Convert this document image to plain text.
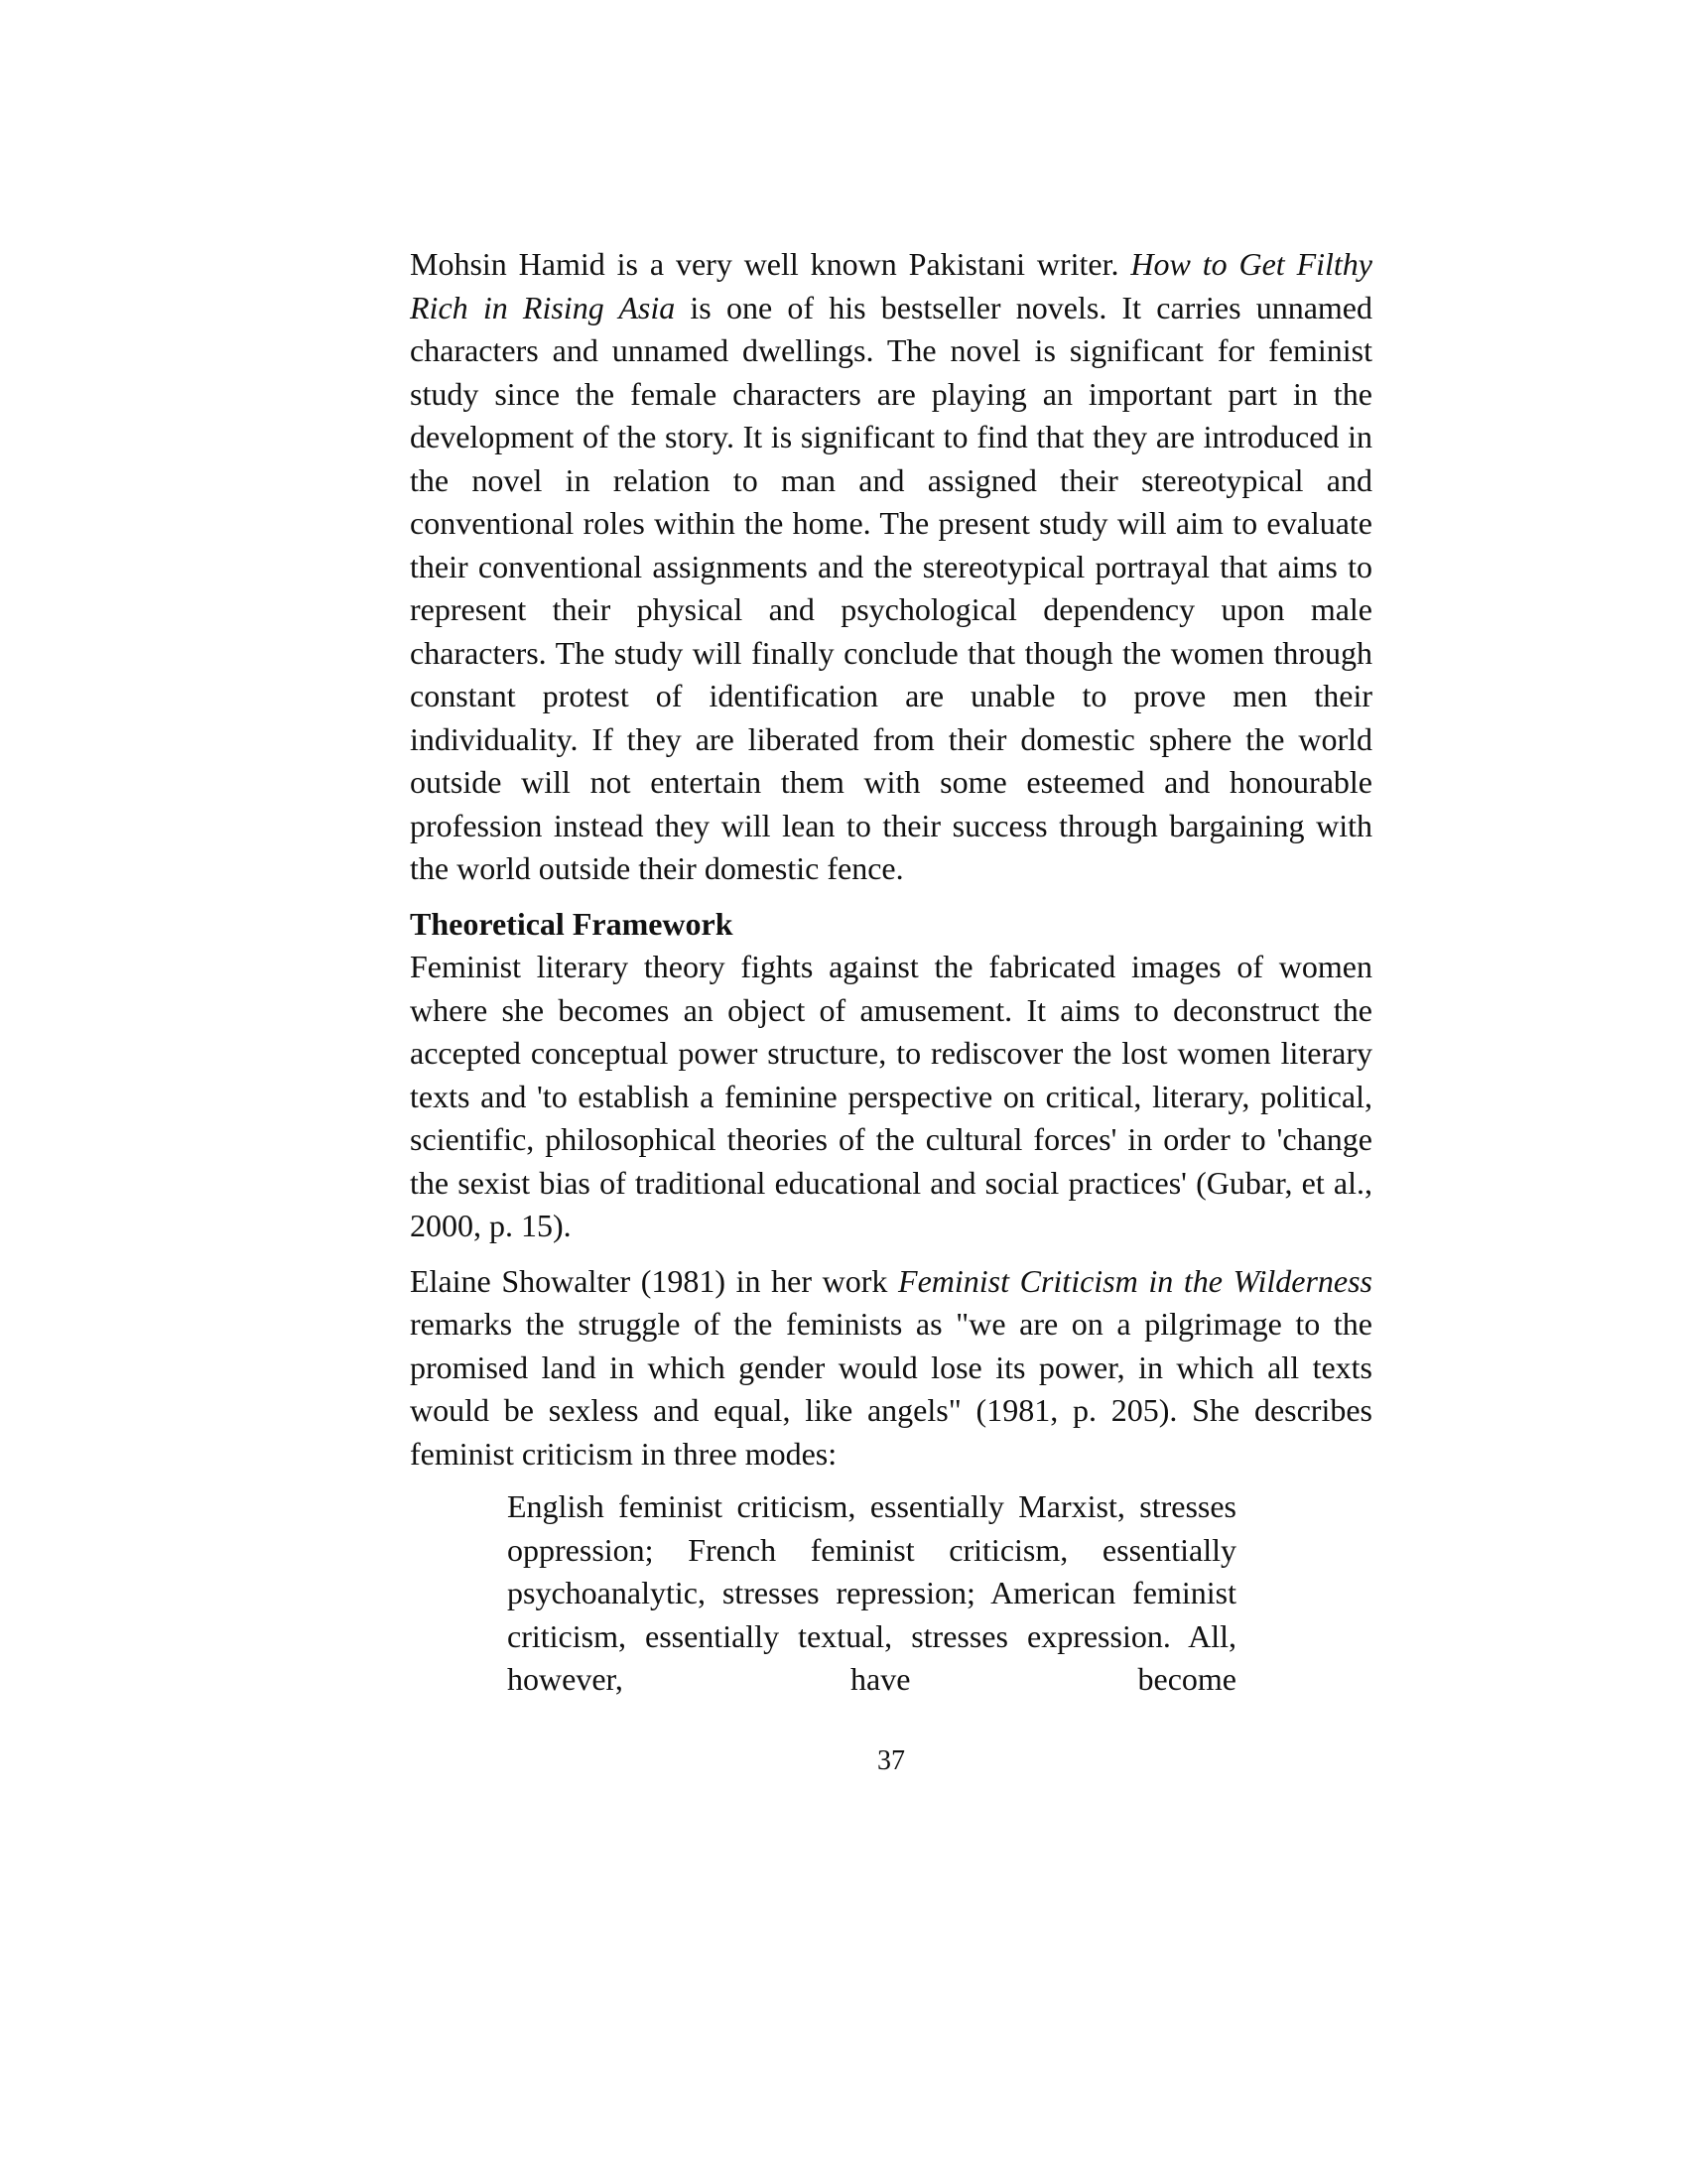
Mohsin Hamid is a very well known Pakistani writer. How to Get Filthy Rich in Rising Asia is one of his bestseller novels. It carries unnamed characters and unnamed dwellings. The novel is significant for feminist study since the female characters are playing an important part in the development of the story. It is significant to find that they are introduced in the novel in relation to man and assigned their stereotypical and conventional roles within the home. The present study will aim to evaluate their conventional assignments and the stereotypical portrayal that aims to represent their physical and psychological dependency upon male characters. The study will finally conclude that though the women through constant protest of identification are unable to prove men their individuality. If they are liberated from their domestic sphere the world outside will not entertain them with some esteemed and honourable profession instead they will lean to their success through bargaining with the world outside their domestic fence.

Theoretical Framework

Feminist literary theory fights against the fabricated images of women where she becomes an object of amusement. It aims to deconstruct the accepted conceptual power structure, to rediscover the lost women literary texts and 'to establish a feminine perspective on critical, literary, political, scientific, philosophical theories of the cultural forces' in order to 'change the sexist bias of traditional educational and social practices' (Gubar, et al., 2000, p. 15).

Elaine Showalter (1981) in her work Feminist Criticism in the Wilderness remarks the struggle of the feminists as "we are on a pilgrimage to the promised land in which gender would lose its power, in which all texts would be sexless and equal, like angels" (1981, p. 205). She describes feminist criticism in three modes:

English feminist criticism, essentially Marxist, stresses oppression; French feminist criticism, essentially psychoanalytic, stresses repression; American feminist criticism, essentially textual, stresses expression. All, however, have become

37
